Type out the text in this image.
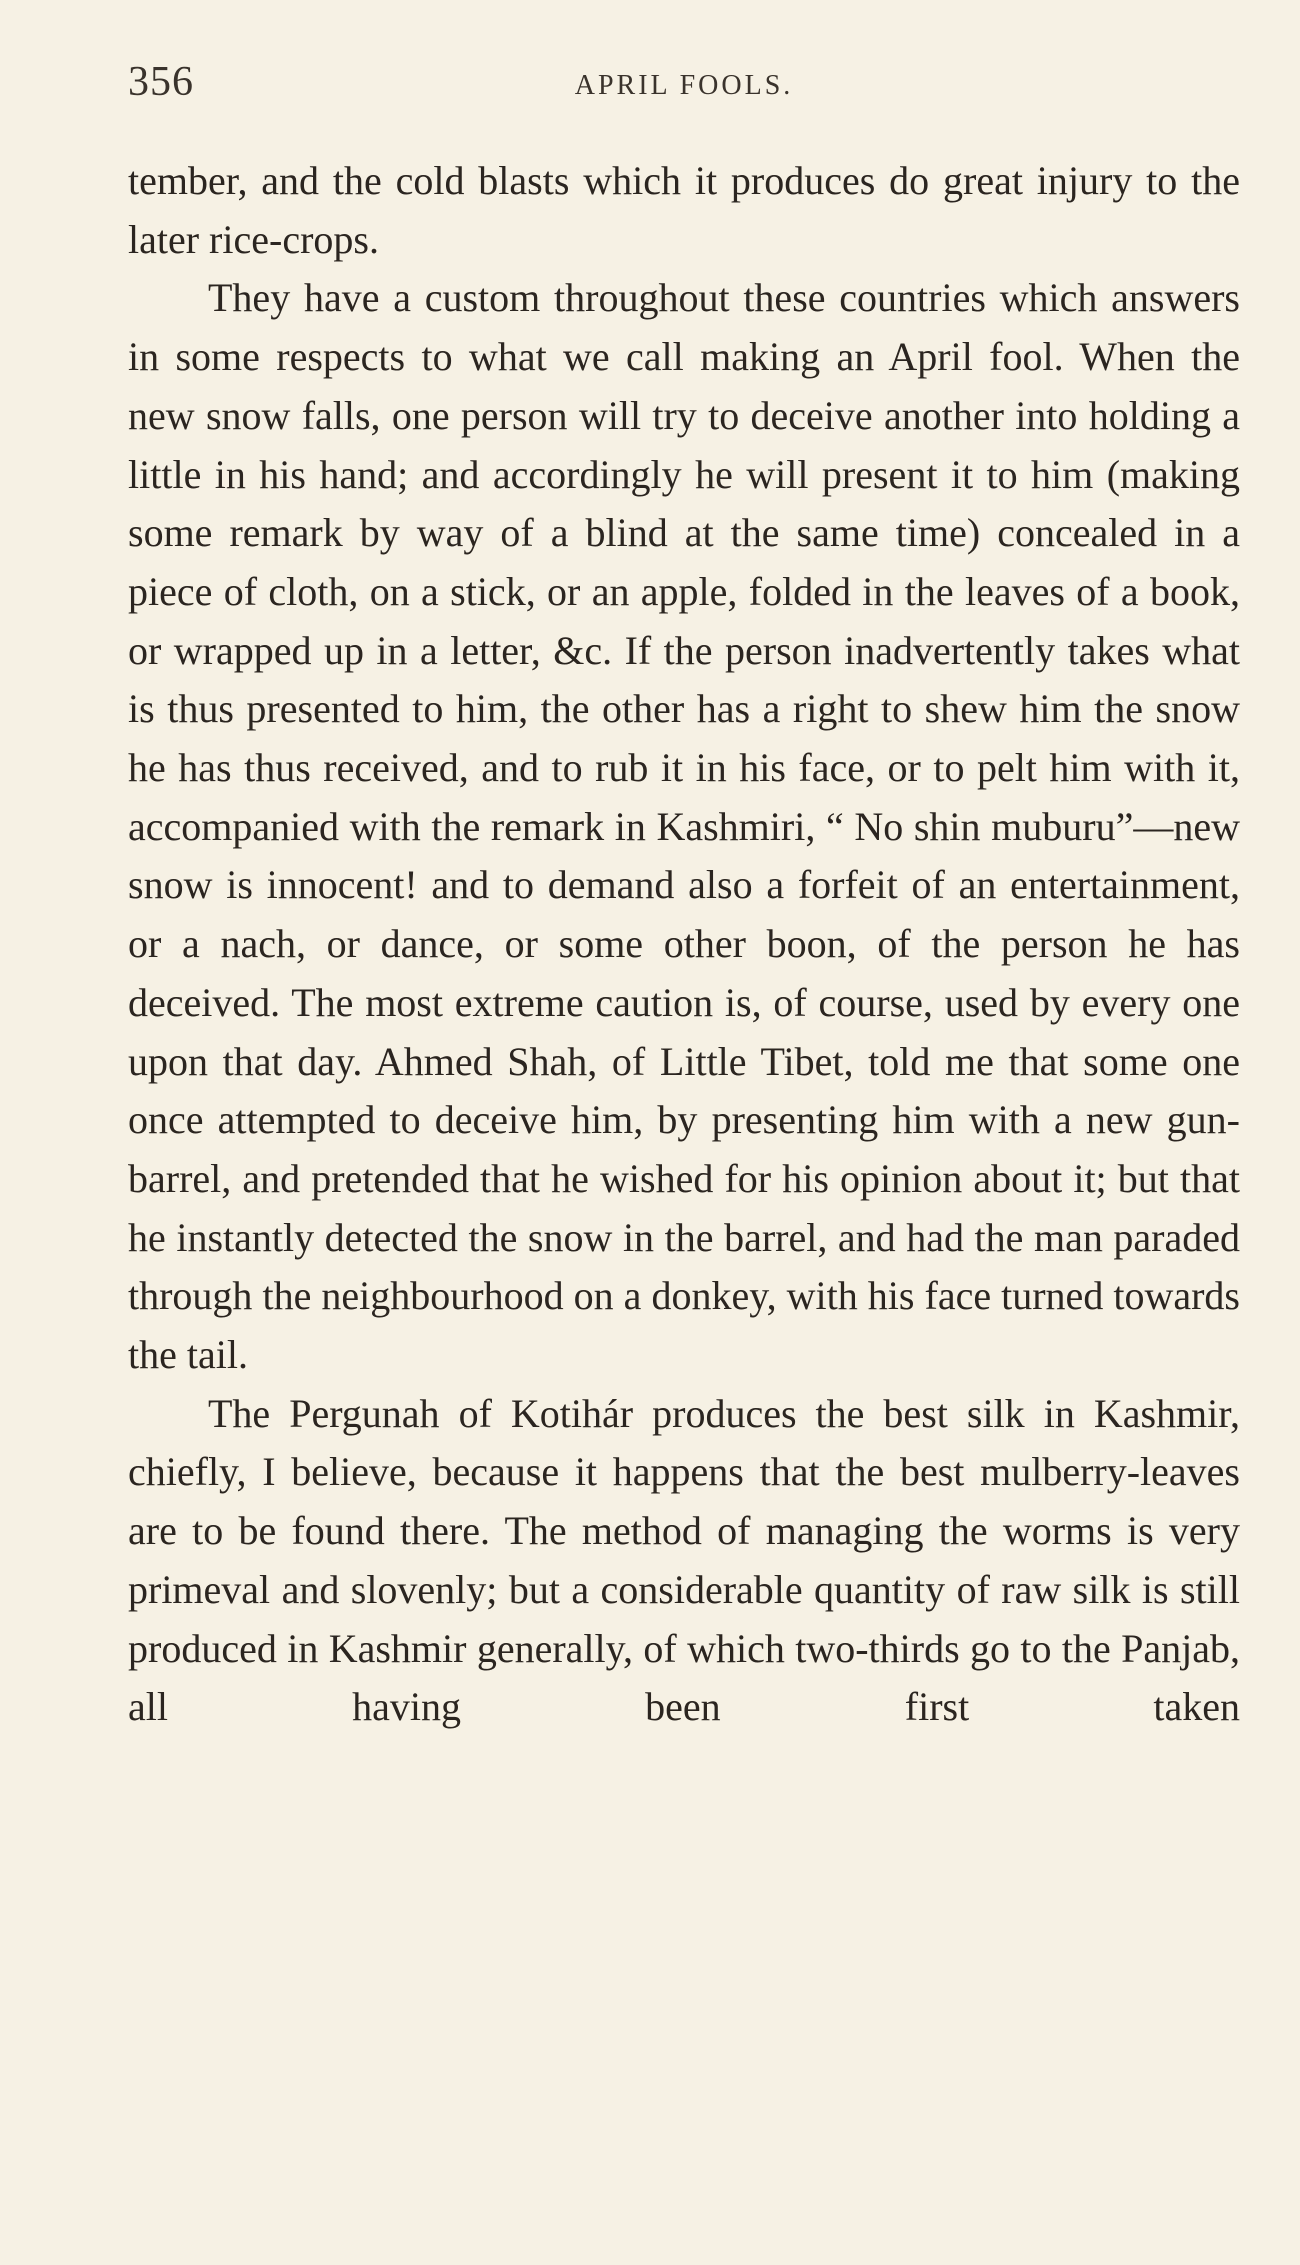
356	APRIL FOOLS.

tember, and the cold blasts which it produces do great injury to the later rice-crops.

They have a custom throughout these countries which answers in some respects to what we call making an April fool. When the new snow falls, one person will try to deceive another into holding a little in his hand; and accordingly he will present it to him (making some remark by way of a blind at the same time) concealed in a piece of cloth, on a stick, or an apple, folded in the leaves of a book, or wrapped up in a letter, &c. If the person inadvertently takes what is thus presented to him, the other has a right to shew him the snow he has thus received, and to rub it in his face, or to pelt him with it, accompanied with the remark in Kashmiri, “ No shin muburu”—new snow is innocent! and to demand also a forfeit of an entertainment, or a nach, or dance, or some other boon, of the person he has deceived. The most extreme caution is, of course, used by every one upon that day. Ahmed Shah, of Little Tibet, told me that some one once attempted to deceive him, by presenting him with a new gun-barrel, and pretended that he wished for his opinion about it; but that he instantly detected the snow in the barrel, and had the man paraded through the neighbourhood on a donkey, with his face turned towards the tail.

The Pergunah of Kotihár produces the best silk in Kashmir, chiefly, I believe, because it happens that the best mulberry-leaves are to be found there. The method of managing the worms is very primeval and slovenly; but a considerable quantity of raw silk is still produced in Kashmir generally, of which two-thirds go to the Panjab, all having been first taken
